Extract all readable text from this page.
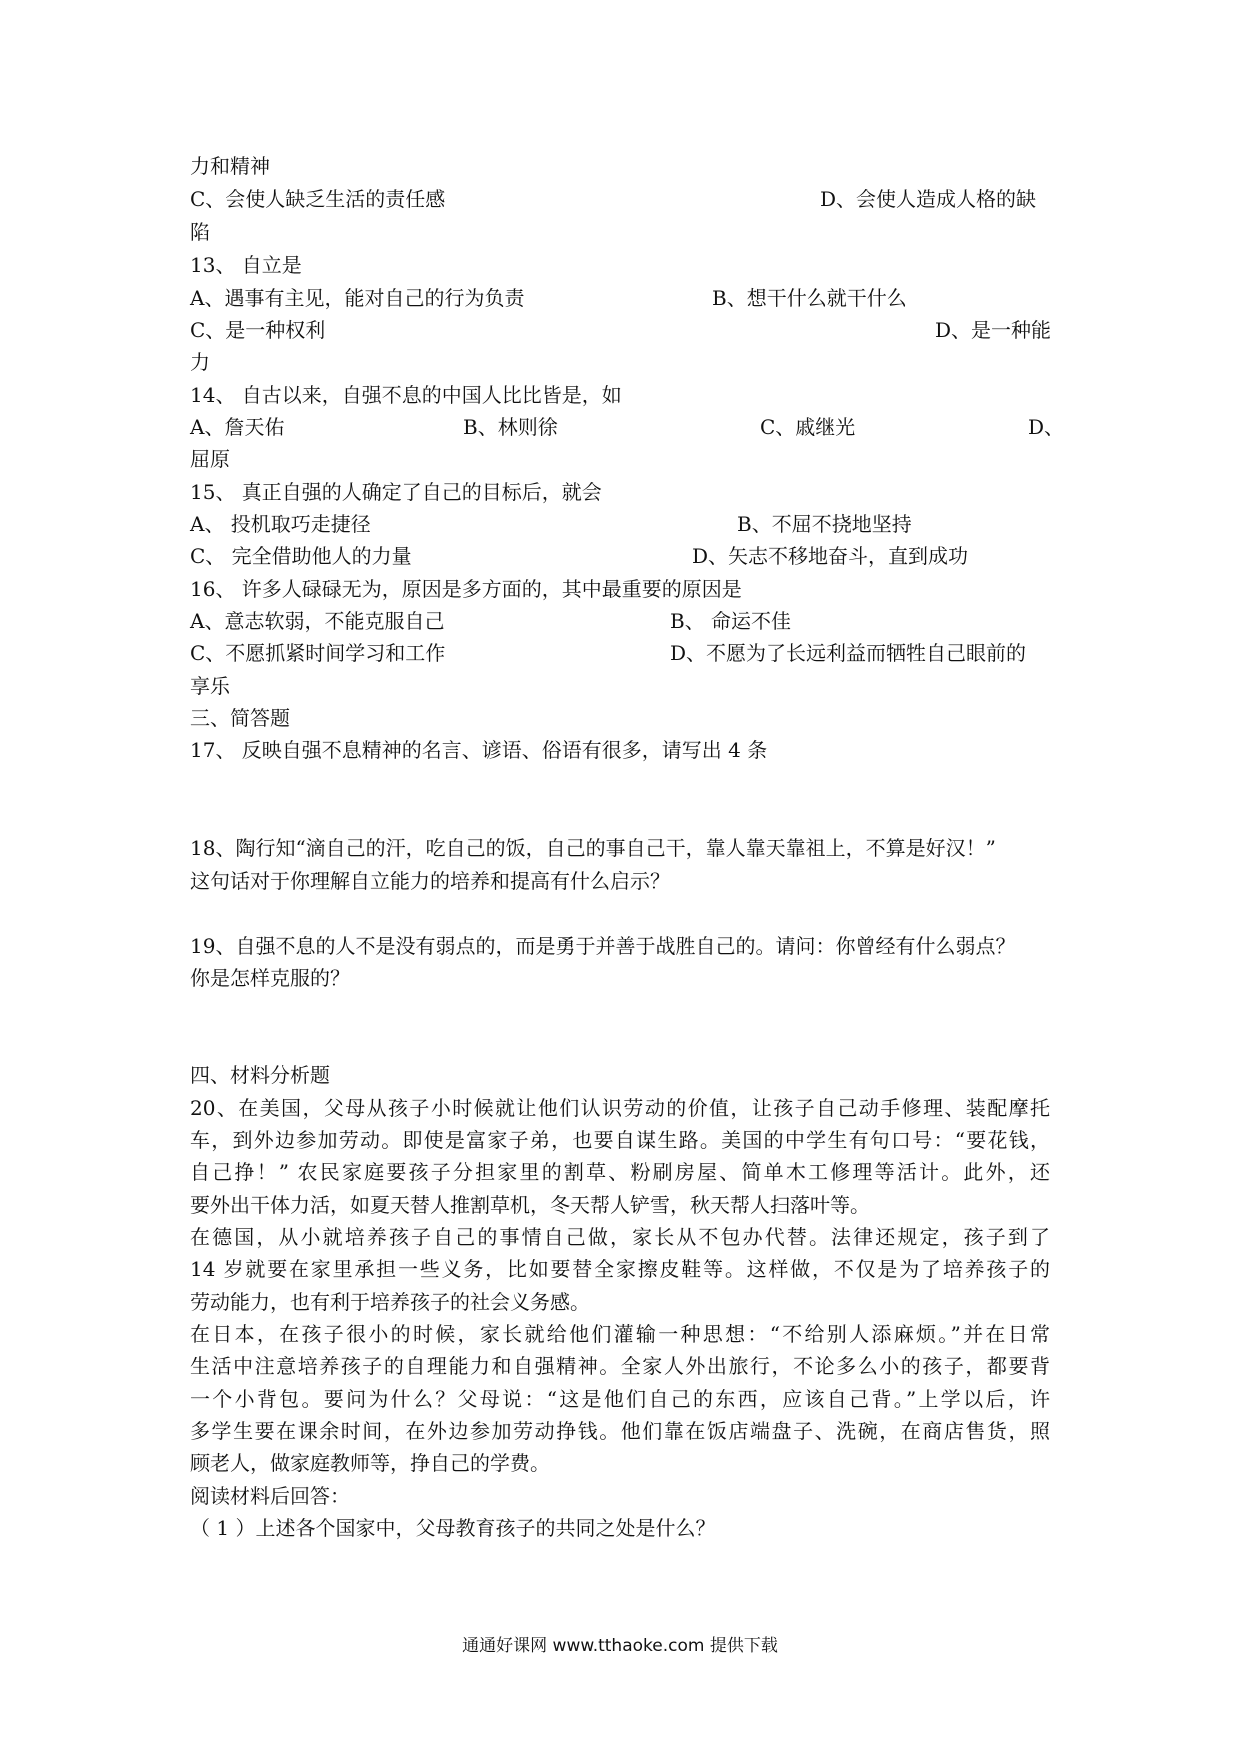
力和精神
C、会使人缺乏生活的责任感	D、会使人造成人格的缺
陷
13、 自立是
A、遇事有主见，能对自己的行为负责	B、想干什么就干什么
C、是一种权利	D、是一种能
力
14、 自古以来，自强不息的中国人比比皆是，如
A、詹天佑	B、林则徐	C、戚继光	D、
屈原
15、 真正自强的人确定了自己的目标后，就会
A、 投机取巧走捷径	B、不屈不挠地坚持
C、 完全借助他人的力量	D、矢志不移地奋斗，直到成功
16、 许多人碌碌无为，原因是多方面的，其中最重要的原因是
A、意志软弱，不能克服自己	B、 命运不佳
C、不愿抓紧时间学习和工作	D、不愿为了长远利益而牺牲自己眼前的
享乐
三、简答题
17、 反映自强不息精神的名言、谚语、俗语有很多，请写出 4 条
18、陶行知“滴自己的汗，吃自己的饭，自己的事自己干，靠人靠天靠祖上，不算是好汉！”
这句话对于你理解自立能力的培养和提高有什么启示？
19、自强不息的人不是没有弱点的，而是勇于并善于战胜自己的。请问：你曾经有什么弱点？
你是怎样克服的？
四、材料分析题
20、在美国，父母从孩子小时候就让他们认识劳动的价值，让孩子自己动手修理、装配摩托
车，到外边参加劳动。即使是富家子弟，也要自谋生路。美国的中学生有句口号：“要花钱，
自己挣！” 农民家庭要孩子分担家里的割草、粉刷房屋、简单木工修理等活计。此外，还
要外出干体力活，如夏天替人推割草机，冬天帮人铲雪，秋天帮人扫落叶等。
在德国，从小就培养孩子自己的事情自己做，家长从不包办代替。法律还规定，孩子到了
14 岁就要在家里承担一些义务，比如要替全家擦皮鞋等。这样做，不仅是为了培养孩子的
劳动能力，也有利于培养孩子的社会义务感。
在日本，在孩子很小的时候，家长就给他们灌输一种思想：“不给别人添麻烦。”并在日常
生活中注意培养孩子的自理能力和自强精神。全家人外出旅行，不论多么小的孩子，都要背
一个小背包。要问为什么？父母说：“这是他们自己的东西，应该自己背。”上学以后，许
多学生要在课余时间，在外边参加劳动挣钱。他们靠在饭店端盘子、洗碗，在商店售货，照
顾老人，做家庭教师等，挣自己的学费。
阅读材料后回答：
（ 1 ）上述各个国家中，父母教育孩子的共同之处是什么？
通通好课网 www.tthaoke.com 提供下载
